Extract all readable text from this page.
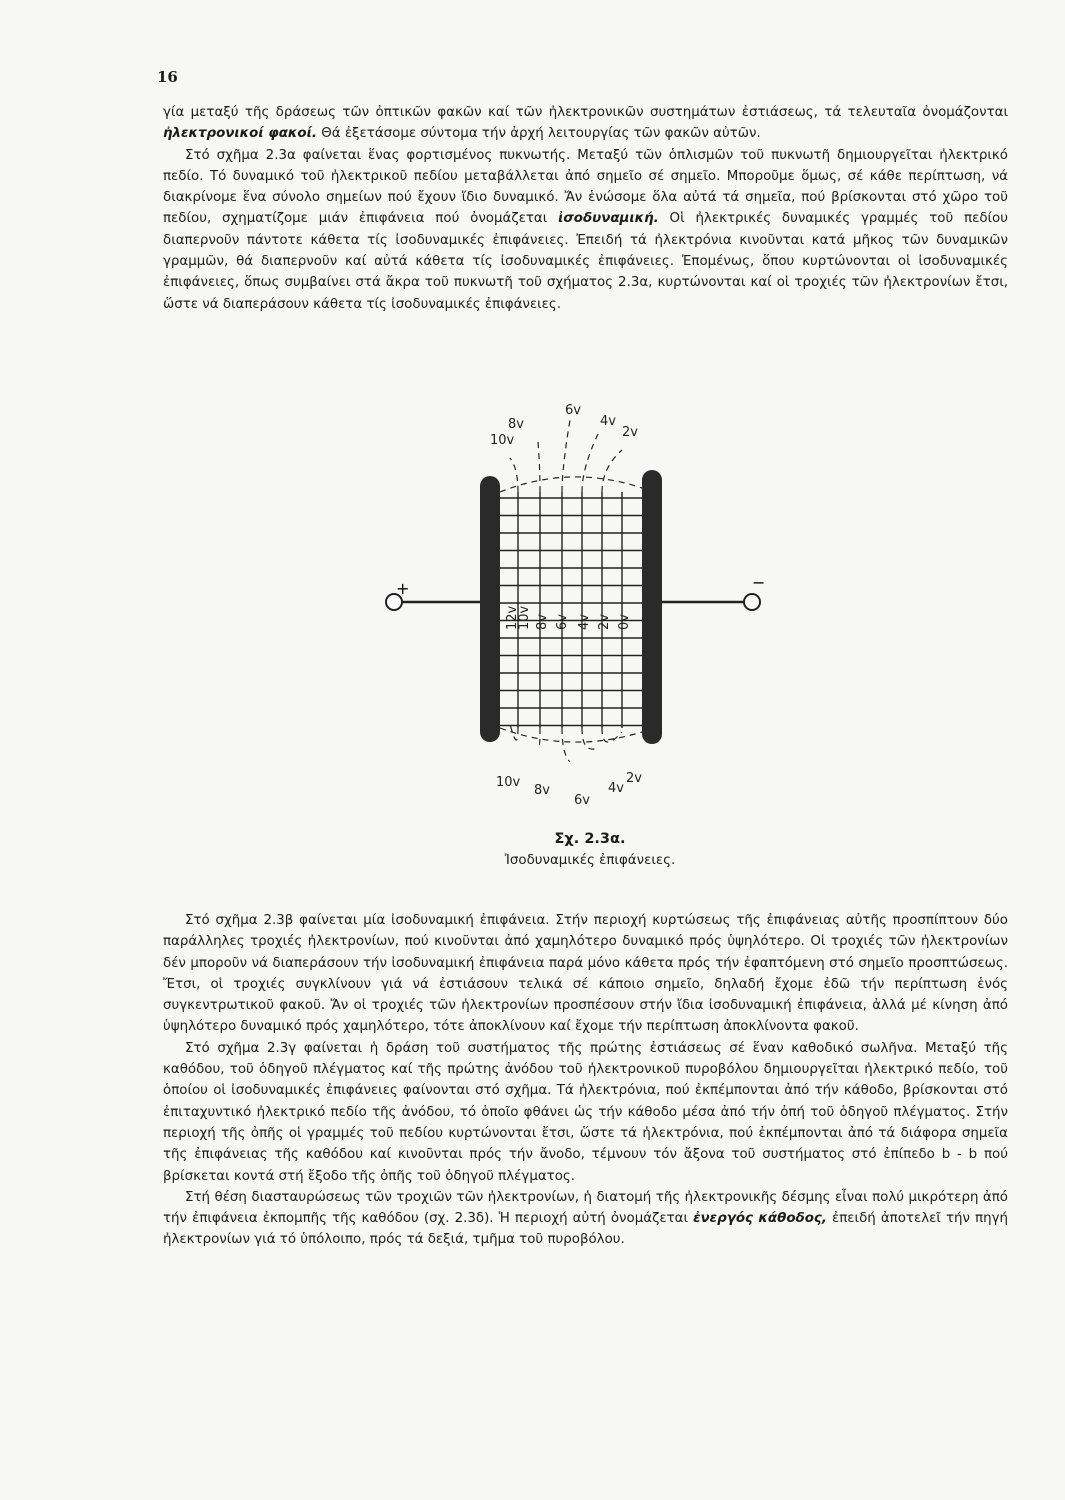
16

γία μεταξύ τῆς δράσεως τῶν ὀπτικῶν φακῶν καί τῶν ἠλεκτρονικῶν συστημάτων ἐστιάσεως, τά τελευταῖα ὀνομάζονται ἠλεκτρονικοί φακοί. Θά ἐξετάσομε σύντομα τήν ἀρχή λειτουργίας τῶν φακῶν αὐτῶν.

Στό σχῆμα 2.3α φαίνεται ἕνας φορτισμένος πυκνωτής. Μεταξύ τῶν ὁπλισμῶν τοῦ πυκνωτῆ δημιουργεῖται ἠλεκτρικό πεδίο. Τό δυναμικό τοῦ ἠλεκτρικοῦ πεδίου μεταβάλλεται ἀπό σημεῖο σέ σημεῖο. Μποροῦμε ὅμως, σέ κάθε περίπτωση, νά διακρίνομε ἕνα σύνολο σημείων πού ἔχουν ἴδιο δυναμικό. Ἄν ἑνώσομε ὅλα αὐτά τά σημεῖα, πού βρίσκονται στό χῶρο τοῦ πεδίου, σχηματίζομε μιάν ἐπιφάνεια πού ὀνομάζεται ἰσοδυναμική. Οἱ ἠλεκτρικές δυναμικές γραμμές τοῦ πεδίου διαπερνοῦν πάντοτε κάθετα τίς ἰσοδυναμικές ἐπιφάνειες. Ἐπειδή τά ἠλεκτρόνια κινοῦνται κατά μῆκος τῶν δυναμικῶν γραμμῶν, θά διαπερνοῦν καί αὐτά κάθετα τίς ἰσοδυναμικές ἐπιφάνειες. Ἐπομένως, ὅπου κυρτώνονται οἱ ἰσοδυναμικές ἐπιφάνειες, ὅπως συμβαίνει στά ἄκρα τοῦ πυκνωτῆ τοῦ σχήματος 2.3α, κυρτώνονται καί οἱ τροχιές τῶν ἠλεκτρονίων ἔτσι, ὥστε νά διαπεράσουν κάθετα τίς ἰσοδυναμικές ἐπιφάνειες.

+	−
10v
8v
6v
4v
2v
10v
8v
6v
4v
2v
12v
10v 8v 6v 4v 2v 0v
Σχ. 2.3α.
Ἰσοδυναμικές ἐπιφάνειες.

Στό σχῆμα 2.3β φαίνεται μία ἰσοδυναμική ἐπιφάνεια. Στήν περιοχή κυρτώσεως τῆς ἐπιφάνειας αὐτῆς προσπίπτουν δύο παράλληλες τροχιές ἠλεκτρονίων, πού κινοῦνται ἀπό χαμηλότερο δυναμικό πρός ὑψηλότερο. Οἱ τροχιές τῶν ἠλεκτρονίων δέν μποροῦν νά διαπεράσουν τήν ἰσοδυναμική ἐπιφάνεια παρά μόνο κάθετα πρός τήν ἐφαπτόμενη στό σημεῖο προσπτώσεως. Ἔτσι, οἱ τροχιές συγκλίνουν γιά νά ἐστιάσουν τελικά σέ κάποιο σημεῖο, δηλαδή ἔχομε ἐδῶ τήν περίπτωση ἑνός συγκεντρωτικοῦ φακοῦ. Ἄν οἱ τροχιές τῶν ἠλεκτρονίων προσπέσουν στήν ἴδια ἰσοδυναμική ἐπιφάνεια, ἀλλά μέ κίνηση ἀπό ὑψηλότερο δυναμικό πρός χαμηλότερο, τότε ἀποκλίνουν καί ἔχομε τήν περίπτωση ἀποκλίνοντα φακοῦ.

Στό σχῆμα 2.3γ φαίνεται ἡ δράση τοῦ συστήματος τῆς πρώτης ἐστιάσεως σέ ἕναν καθοδικό σωλῆνα. Μεταξύ τῆς καθόδου, τοῦ ὁδηγοῦ πλέγματος καί τῆς πρώτης ἀνόδου τοῦ ἠλεκτρονικοῦ πυροβόλου δημιουργεῖται ἠλεκτρικό πεδίο, τοῦ ὁποίου οἱ ἰσοδυναμικές ἐπιφάνειες φαίνονται στό σχῆμα. Τά ἠλεκτρόνια, πού ἐκπέμπονται ἀπό τήν κάθοδο, βρίσκονται στό ἐπιταχυντικό ἠλεκτρικό πεδίο τῆς ἀνόδου, τό ὁποῖο φθάνει ὡς τήν κάθοδο μέσα ἀπό τήν ὀπή τοῦ ὁδηγοῦ πλέγματος. Στήν περιοχή τῆς ὀπῆς οἱ γραμμές τοῦ πεδίου κυρτώνονται ἔτσι, ὥστε τά ἠλεκτρόνια, πού ἐκπέμπονται ἀπό τά διάφορα σημεῖα τῆς ἐπιφάνειας τῆς καθόδου καί κινοῦνται πρός τήν ἄνοδο, τέμνουν τόν ἄξονα τοῦ συστήματος στό ἐπίπεδο b - b πού βρίσκεται κοντά στή ἔξοδο τῆς ὀπῆς τοῦ ὁδηγοῦ πλέγματος.

Στή θέση διασταυρώσεως τῶν τροχιῶν τῶν ἠλεκτρονίων, ἡ διατομή τῆς ἠλεκτρονικῆς δέσμης εἶναι πολύ μικρότερη ἀπό τήν ἐπιφάνεια ἐκπομπῆς τῆς καθόδου (σχ. 2.3δ). Ἡ περιοχή αὐτή ὀνομάζεται ἐνεργός κάθοδος, ἐπειδή ἀποτελεῖ τήν πηγή ἠλεκτρονίων γιά τό ὑπόλοιπο, πρός τά δεξιά, τμῆμα τοῦ πυροβόλου.
